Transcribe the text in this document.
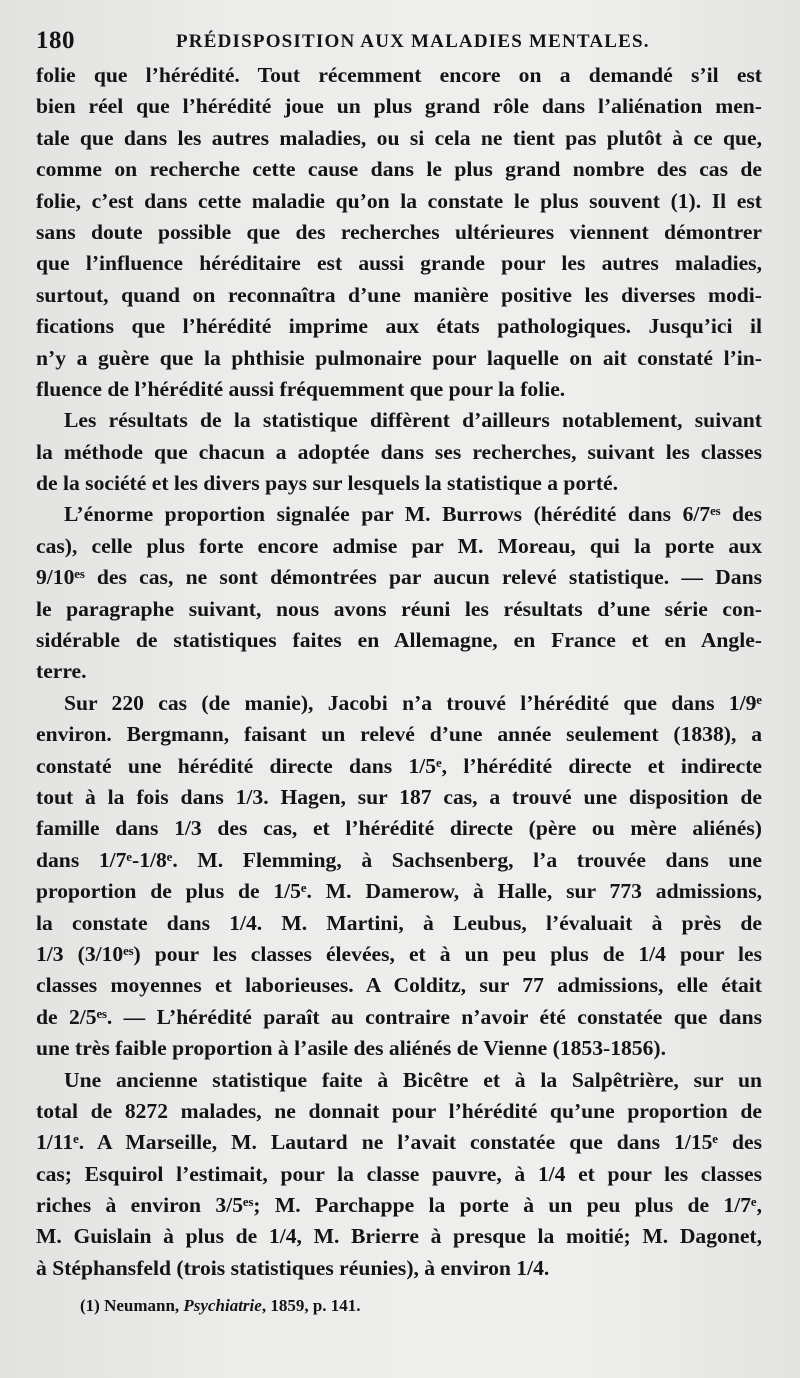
180	PRÉDISPOSITION AUX MALADIES MENTALES.
folie que l’hérédité. Tout récemment encore on a demandé s’il est
bien réel que l’hérédité joue un plus grand rôle dans l’aliénation men-
tale que dans les autres maladies, ou si cela ne tient pas plutôt à ce que,
comme on recherche cette cause dans le plus grand nombre des cas de
folie, c’est dans cette maladie qu’on la constate le plus souvent (1). Il est
sans doute possible que des recherches ultérieures viennent démontrer
que l’influence héréditaire est aussi grande pour les autres maladies,
surtout, quand on reconnaîtra d’une manière positive les diverses modi-
fications que l’hérédité imprime aux états pathologiques. Jusqu’ici il
n’y a guère que la phthisie pulmonaire pour laquelle on ait constaté l’in-
fluence de l’hérédité aussi fréquemment que pour la folie.
Les résultats de la statistique diffèrent d’ailleurs notablement, suivant
la méthode que chacun a adoptée dans ses recherches, suivant les classes
de la société et les divers pays sur lesquels la statistique a porté.
L’énorme proportion signalée par M. Burrows (hérédité dans 6/7ᵉˢ des
cas), celle plus forte encore admise par M. Moreau, qui la porte aux
9/10ᵉˢ des cas, ne sont démontrées par aucun relevé statistique. — Dans
le paragraphe suivant, nous avons réuni les résultats d’une série con-
sidérable de statistiques faites en Allemagne, en France et en Angle-
terre.
Sur 220 cas (de manie), Jacobi n’a trouvé l’hérédité que dans 1/9ᵉ
environ. Bergmann, faisant un relevé d’une année seulement (1838), a
constaté une hérédité directe dans 1/5ᵉ, l’hérédité directe et indirecte
tout à la fois dans 1/3. Hagen, sur 187 cas, a trouvé une disposition de
famille dans 1/3 des cas, et l’hérédité directe (père ou mère aliénés)
dans 1/7ᵉ-1/8ᵉ. M. Flemming, à Sachsenberg, l’a trouvée dans une
proportion de plus de 1/5ᵉ. M. Damerow, à Halle, sur 773 admissions,
la constate dans 1/4. M. Martini, à Leubus, l’évaluait à près de
1/3 (3/10ᵉˢ) pour les classes élevées, et à un peu plus de 1/4 pour les
classes moyennes et laborieuses. A Colditz, sur 77 admissions, elle était
de 2/5ᵉˢ. — L’hérédité paraît au contraire n’avoir été constatée que dans
une très faible proportion à l’asile des aliénés de Vienne (1853-1856).
Une ancienne statistique faite à Bicêtre et à la Salpêtrière, sur un
total de 8272 malades, ne donnait pour l’hérédité qu’une proportion de
1/11ᵉ. A Marseille, M. Lautard ne l’avait constatée que dans 1/15ᵉ des
cas; Esquirol l’estimait, pour la classe pauvre, à 1/4 et pour les classes
riches à environ 3/5ᵉˢ; M. Parchappe la porte à un peu plus de 1/7ᵉ,
M. Guislain à plus de 1/4, M. Brierre à presque la moitié; M. Dagonet,
à Stéphansfeld (trois statistiques réunies), à environ 1/4.
(1) Neumann, Psychiatrie, 1859, p. 141.
